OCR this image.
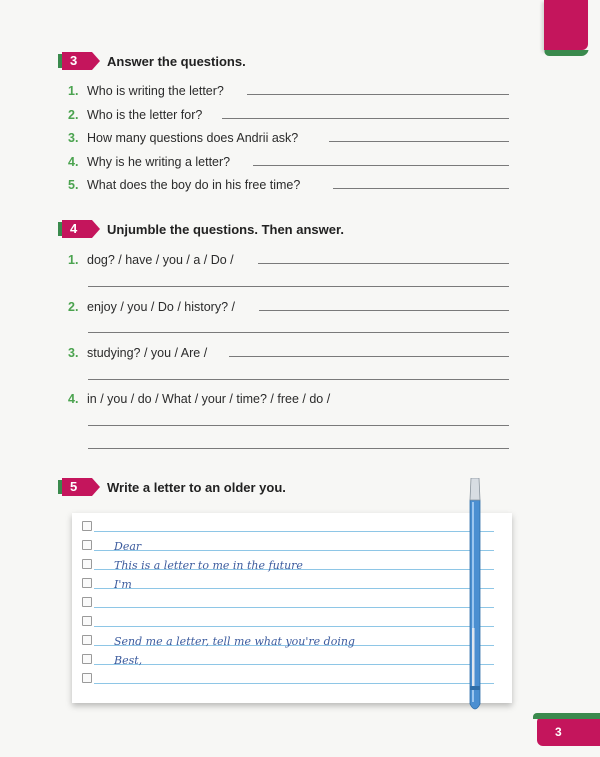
3	Answer the questions.
1. Who is writing the letter?
2. Who is the letter for?
3. How many questions does Andrii ask?
4. Why is he writing a letter?
5. What does the boy do in his free time?
4	Unjumble the questions. Then answer.
1. dog? / have / you / a / Do /
2. enjoy / you / Do / history? /
3. studying? / you / Are /
4. in / you / do / What / your / time? / free / do /
5	Write a letter to an older you.
Dear
This is a letter to me in the future
I'm
Send me a letter, tell me what you're doing
Best,
3
